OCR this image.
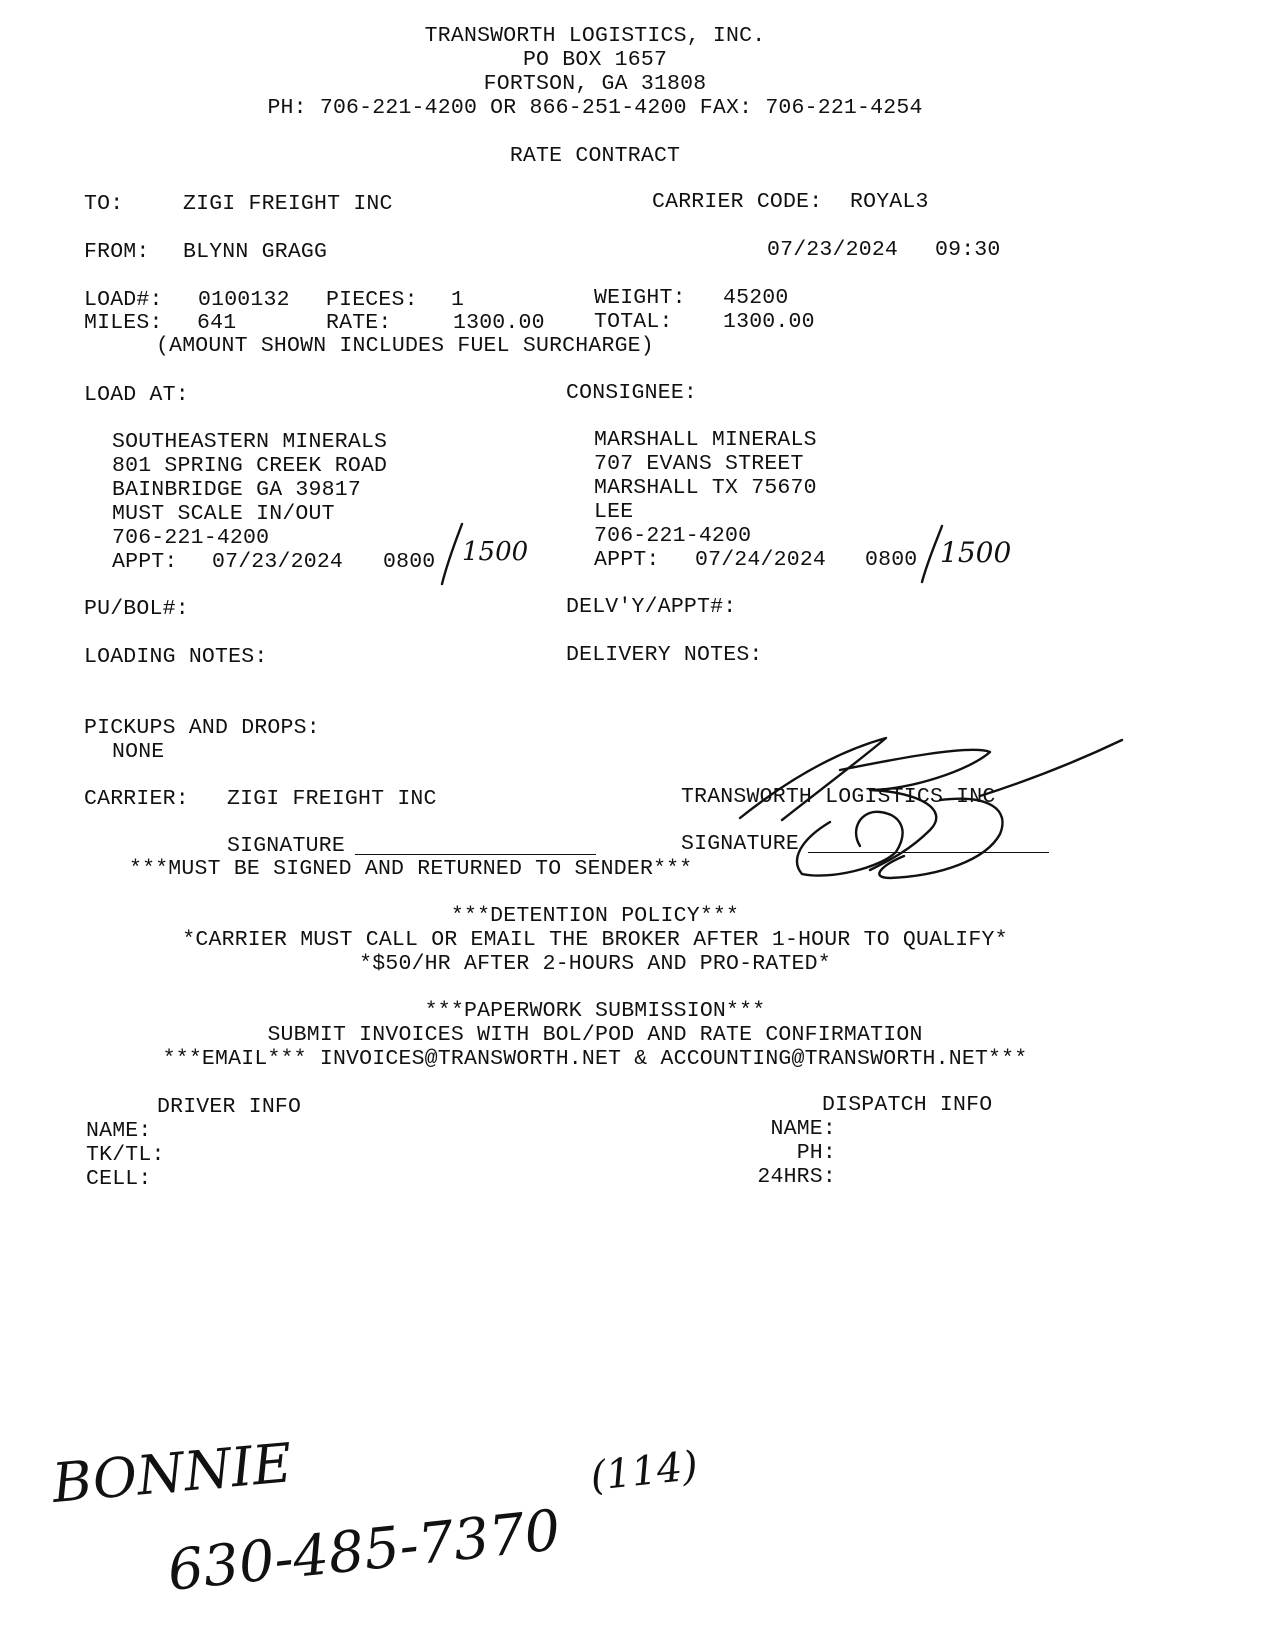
TRANSWORTH LOGISTICS, INC.
PO BOX 1657
FORTSON, GA 31808
PH: 706-221-4200 OR 866-251-4200 FAX: 706-221-4254
RATE CONTRACT
TO:	ZIGI FREIGHT INC	CARRIER CODE: ROYAL3
FROM: BLYNN GRAGG	07/23/2024 09:30
LOAD#: 0100132 PIECES: 1	WEIGHT: 45200
MILES: 641	RATE:	1300.00 TOTAL: 1300.00
(AMOUNT SHOWN INCLUDES FUEL SURCHARGE)
LOAD AT:	CONSIGNEE:
SOUTHEASTERN MINERALS
801 SPRING CREEK ROAD
BAINBRIDGE GA 39817
MUST SCALE IN/OUT
706-221-4200
APPT: 07/23/2024 0800
MARSHALL MINERALS
707 EVANS STREET
MARSHALL TX 75670
LEE
706-221-4200
APPT: 07/24/2024 0800
1500	1500
PU/BOL#:	DELV'Y/APPT#:
LOADING NOTES:	DELIVERY NOTES:
PICKUPS AND DROPS:
NONE
CARRIER: ZIGI FREIGHT INC	TRANSWORTH LOGISTICS INC
SIGNATURE	SIGNATURE
***MUST BE SIGNED AND RETURNED TO SENDER***
***DETENTION POLICY***
*CARRIER MUST CALL OR EMAIL THE BROKER AFTER 1-HOUR TO QUALIFY*
*$50/HR AFTER 2-HOURS AND PRO-RATED*
***PAPERWORK SUBMISSION***
SUBMIT INVOICES WITH BOL/POD AND RATE CONFIRMATION
***EMAIL*** INVOICES@TRANSWORTH.NET & ACCOUNTING@TRANSWORTH.NET***
DRIVER INFO
NAME:
TK/TL:
CELL:
DISPATCH INFO
NAME:
PH:
24HRS:
BONNIE
630-485-7370
(114)
